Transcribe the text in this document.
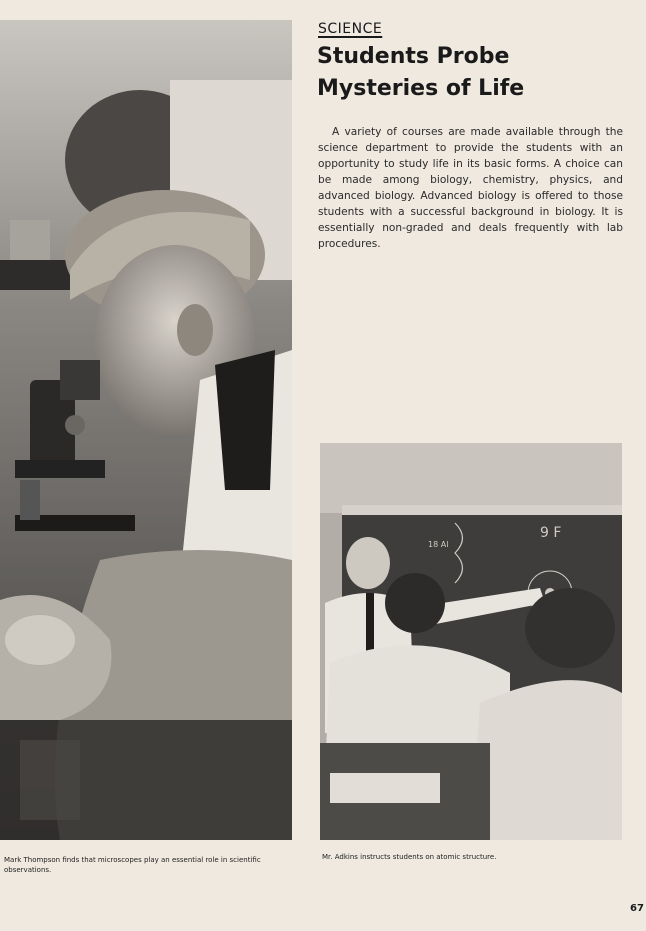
SCIENCE
Students Probe Mysteries of Life

A variety of courses are made available through the science department to provide the students with an opportunity to study life in its basic forms. A choice can be made among biology, chemistry, physics, and advanced biology. Advanced biology is offered to those students with a successful background in biology. It is essentially non-graded and deals frequently with lab procedures.

18 Al
9 F
Mark Thompson finds that microscopes play an essential role in scientific observations.
Mr. Adkins instructs students on atomic structure.
67
